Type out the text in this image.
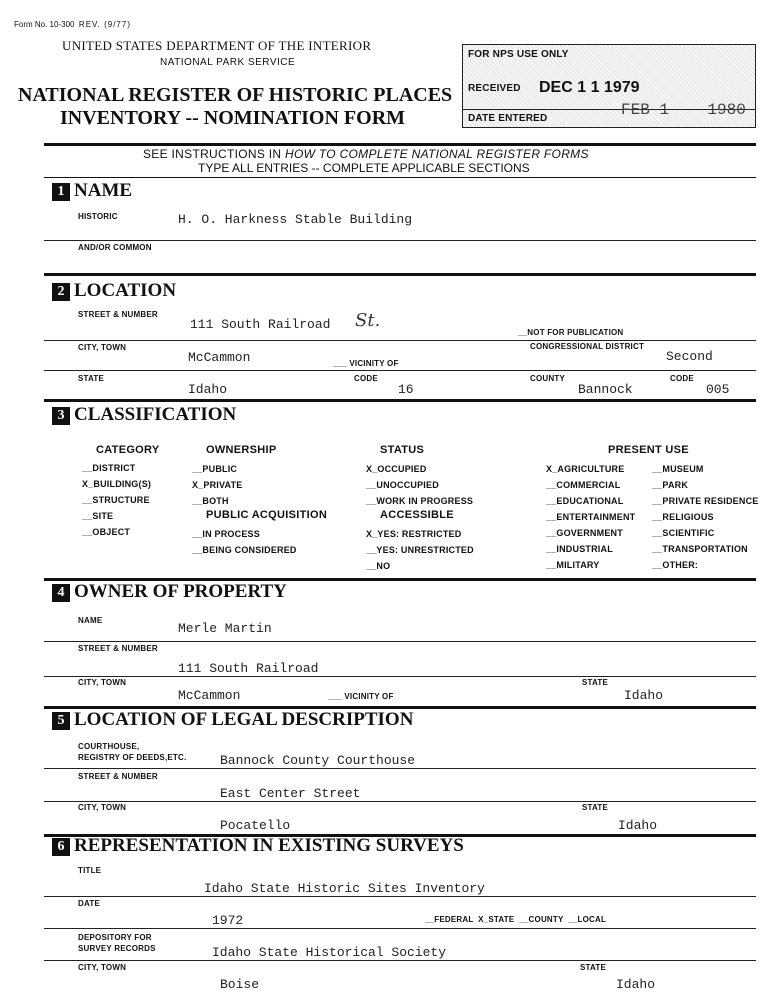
Form No. 10-300 REV. (9/77)
UNITED STATES DEPARTMENT OF THE INTERIOR
NATIONAL PARK SERVICE
NATIONAL REGISTER OF HISTORIC PLACES
INVENTORY -- NOMINATION FORM
FOR NPS USE ONLY
RECEIVED DEC 1 1 1979
DATE ENTERED	FEB 1    1980
SEE INSTRUCTIONS IN HOW TO COMPLETE NATIONAL REGISTER FORMS
TYPE ALL ENTRIES -- COMPLETE APPLICABLE SECTIONS
1 NAME
HISTORIC	H. O. Harkness Stable Building
AND/OR COMMON
2 LOCATION
STREET & NUMBER
111 South Railroad St.
__NOT FOR PUBLICATION
CITY, TOWN	CONGRESSIONAL DISTRICT
McCammon	___ VICINITY OF	Second
STATE	CODE	COUNTY	CODE
Idaho	16	Bannock	005
3 CLASSIFICATION
CATEGORY
__DISTRICT
X_BUILDING(S)
__STRUCTURE
__SITE
__OBJECT
OWNERSHIP
__PUBLIC
X_PRIVATE
__BOTH
PUBLIC ACQUISITION
__IN PROCESS
__BEING CONSIDERED
STATUS
X_OCCUPIED
__UNOCCUPIED
__WORK IN PROGRESS
ACCESSIBLE
X_YES: RESTRICTED
__YES: UNRESTRICTED
__NO
PRESENT USE
X_AGRICULTURE
__COMMERCIAL
__EDUCATIONAL
__ENTERTAINMENT
__GOVERNMENT
__INDUSTRIAL
__MILITARY
__MUSEUM
__PARK
__PRIVATE RESIDENCE
__RELIGIOUS
__SCIENTIFIC
__TRANSPORTATION
__OTHER:
4 OWNER OF PROPERTY
NAME
Merle Martin
STREET & NUMBER
111 South Railroad
CITY, TOWN	STATE
McCammon	___ VICINITY OF	Idaho
5 LOCATION OF LEGAL DESCRIPTION
COURTHOUSE,
REGISTRY OF DEEDS,ETC.	Bannock County Courthouse
STREET & NUMBER
East Center Street
CITY, TOWN	STATE
Pocatello	Idaho
6 REPRESENTATION IN EXISTING SURVEYS
TITLE
Idaho State Historic Sites Inventory
DATE
1972	__FEDERAL  X_STATE  __COUNTY  __LOCAL
DEPOSITORY FOR
SURVEY RECORDS	Idaho State Historical Society
CITY, TOWN	STATE
Boise	Idaho
